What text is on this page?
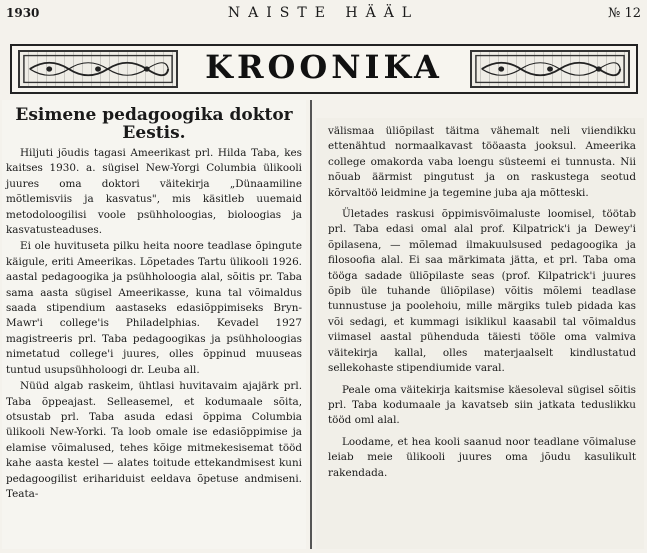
1930	NAISTE HÄÄL	№ 12
KROONIKA

Esimene pedagoogika doktor Eestis.

Hiljuti jõudis tagasi Ameerikast prl. Hilda Taba, kes kaitses 1930. a. sügisel New-Yorgi Columbia ülikooli juures oma doktori väitekirja „Dünaamiline mõtlemisviis ja kasvatus", mis käsitleb uuemaid metodoloogilisi voole psühholoogias, bioloogias ja kasvatusteaduses.

Ei ole huvituseta pilku heita noore teadlase õpingute käigule, eriti Ameerikas. Lõpetades Tartu ülikooli 1926. aastal pedagoogika ja psühholoogia alal, sõitis pr. Taba sama aasta sügisel Ameerikasse, kuna tal võimaldus saada stipendium aastaseks edasiõppimiseks Bryn-Mawr'i college'is Philadelphias. Kevadel 1927 magistreeris prl. Taba pedagoogikas ja psühholoogias nimetatud college'i juures, olles õppinud muuseas tuntud usupsühholoogi dr. Leuba all.

Nüüd algab raskeim, ühtlasi huvitavaim ajajärk prl. Taba õppeajast. Selleasemel, et kodumaale sõita, otsustab prl. Taba asuda edasi õppima Columbia ülikooli New-Yorki. Ta loob omale ise edasiõppimise ja elamise võimalused, tehes kõige mitmekesisemat tööd kahe aasta kestel — alates toitude ettekandmisest kuni pedagoogilist erihariduist eeldava õpetuse andmiseni. Teata-

välismaa üliõpilast täitma vähemalt neli viiendikku ettenähtud normaalkavast tööaasta jooksul. Ameerika college omakorda vaba loengu süsteemi ei tunnusta. Nii nõuab äärmist pingutust ja on raskustega seotud kõrvaltöö leidmine ja tegemine juba aja mõtteski.

Ületades raskusi õppimisvõimaluste loomisel, töötab prl. Taba edasi omal alal prof. Kilpatrick'i ja Dewey'i õpilasena, — mõlemad ilmakuulsused pedagoogika ja filosoofia alal. Ei saa märkimata jätta, et prl. Taba oma tööga sadade üliõpilaste seas (prof. Kilpatrick'i juures õpib üle tuhande üliõpilase) võitis mõlemi teadlase tunnustuse ja poolehoiu, mille märgiks tuleb pidada kas või sedagi, et kummagi isiklikul kaasabil tal võimaldus viimasel aastal pühenduda täiesti tööle oma valmiva väitekirja kallal, olles materjaalselt kindlustatud sellekohaste stipendiumide varal.

Peale oma väitekirja kaitsmise käesoleval sügisel sõitis prl. Taba kodumaale ja kavatseb siin jatkata teduslikku tööd oml alal.

Loodame, et hea kooli saanud noor teadlane võimaluse leiab meie ülikooli juures oma jõudu kasulikult rakendada.
